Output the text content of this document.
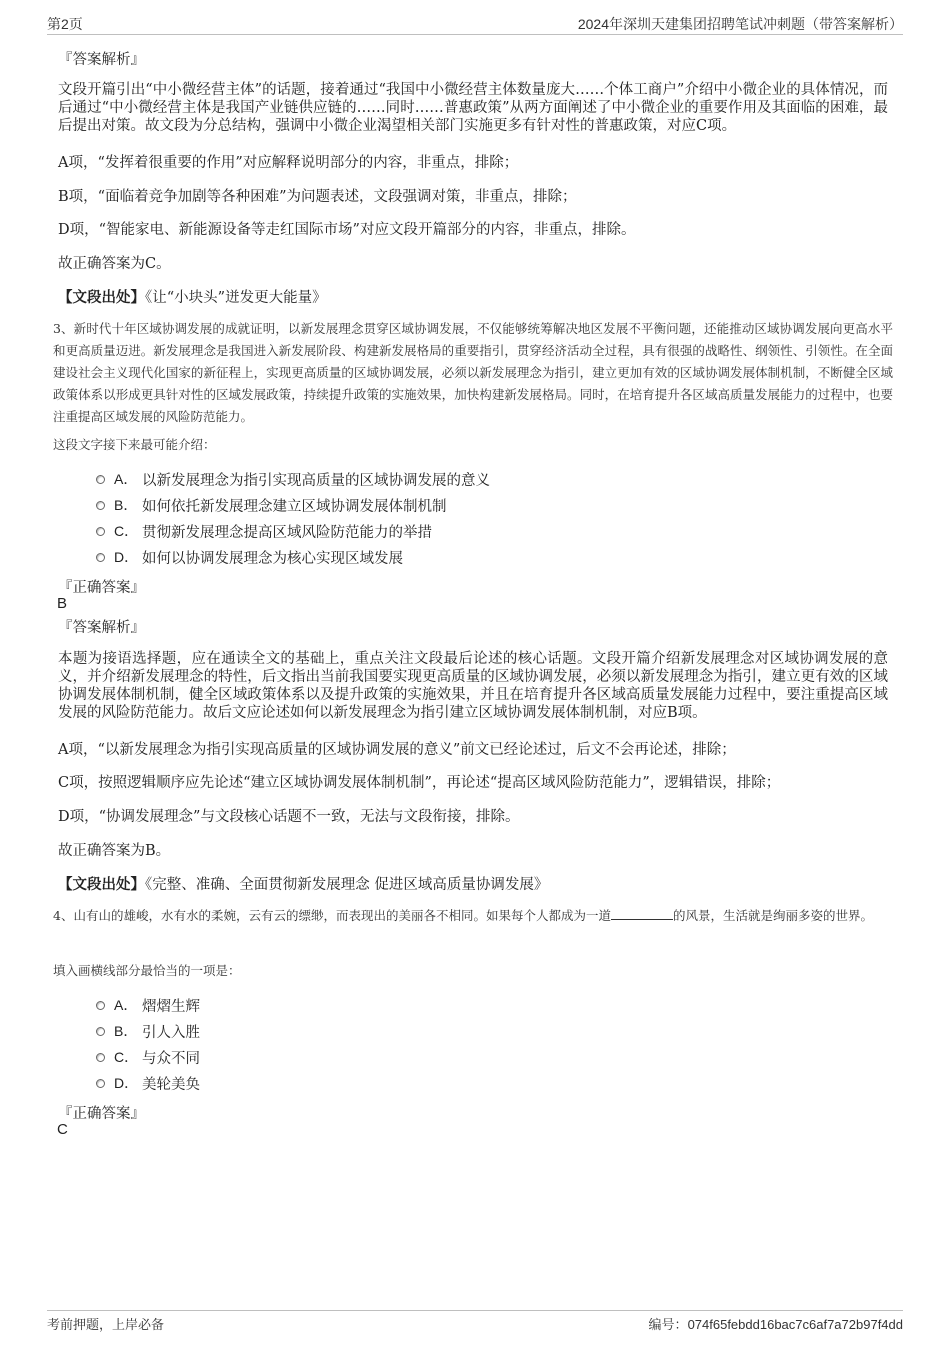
第2页	2024年深圳天建集团招聘笔试冲刺题（带答案解析）
『答案解析』

文段开篇引出“中小微经营主体”的话题，接着通过“我国中小微经营主体数量庞大……个体工商户”介绍中小微企业的具体情况，而后通过“中小微经营主体是我国产业链供应链的……同时……普惠政策”从两方面阐述了中小微企业的重要作用及其面临的困难，最后提出对策。故文段为分总结构，强调中小微企业渴望相关部门实施更多有针对性的普惠政策，对应C项。

A项，“发挥着很重要的作用”对应解释说明部分的内容，非重点，排除；

B项，“面临着竞争加剧等各种困难”为问题表述，文段强调对策，非重点，排除；

D项，“智能家电、新能源设备等走红国际市场”对应文段开篇部分的内容，非重点，排除。

故正确答案为C。

【文段出处】《让“小块头”迸发更大能量》

3、新时代十年区域协调发展的成就证明，以新发展理念贯穿区域协调发展，不仅能够统筹解决地区发展不平衡问题，还能推动区域协调发展向更高水平和更高质量迈进。新发展理念是我国进入新发展阶段、构建新发展格局的重要指引，贯穿经济活动全过程，具有很强的战略性、纲领性、引领性。在全面建设社会主义现代化国家的新征程上，实现更高质量的区域协调发展，必须以新发展理念为指引，建立更加有效的区域协调发展体制机制，不断健全区域政策体系以形成更具针对性的区域发展政策，持续提升政策的实施效果，加快构建新发展格局。同时，在培育提升各区域高质量发展能力的过程中，也要注重提高区域发展的风险防范能力。

这段文字接下来最可能介绍：
A． 以新发展理念为指引实现高质量的区域协调发展的意义
B． 如何依托新发展理念建立区域协调发展体制机制
C． 贯彻新发展理念提高区域风险防范能力的举措
D． 如何以协调发展理念为核心实现区域发展
『正确答案』
B
『答案解析』

本题为接语选择题，应在通读全文的基础上，重点关注文段最后论述的核心话题。文段开篇介绍新发展理念对区域协调发展的意义，并介绍新发展理念的特性，后文指出当前我国要实现更高质量的区域协调发展，必须以新发展理念为指引，建立更有效的区域协调发展体制机制，健全区域政策体系以及提升政策的实施效果，并且在培育提升各区域高质量发展能力过程中，要注重提高区域发展的风险防范能力。故后文应论述如何以新发展理念为指引建立区域协调发展体制机制，对应B项。

A项，“以新发展理念为指引实现高质量的区域协调发展的意义”前文已经论述过，后文不会再论述，排除；

C项，按照逻辑顺序应先论述“建立区域协调发展体制机制”，再论述“提高区域风险防范能力”，逻辑错误，排除；

D项，“协调发展理念”与文段核心话题不一致，无法与文段衔接，排除。

故正确答案为B。

【文段出处】《完整、准确、全面贯彻新发展理念 促进区域高质量协调发展》

4、山有山的雄峻，水有水的柔婉，云有云的缥缈，而表现出的美丽各不相同。如果每个人都成为一道	的风景，生活就是绚丽多姿的世界。

填入画横线部分最恰当的一项是：
A． 熠熠生辉
B． 引人入胜
C． 与众不同
D． 美轮美奂
『正确答案』
C
考前押题，上岸必备	编号：074f65febdd16bac7c6af7a72b97f4dd
